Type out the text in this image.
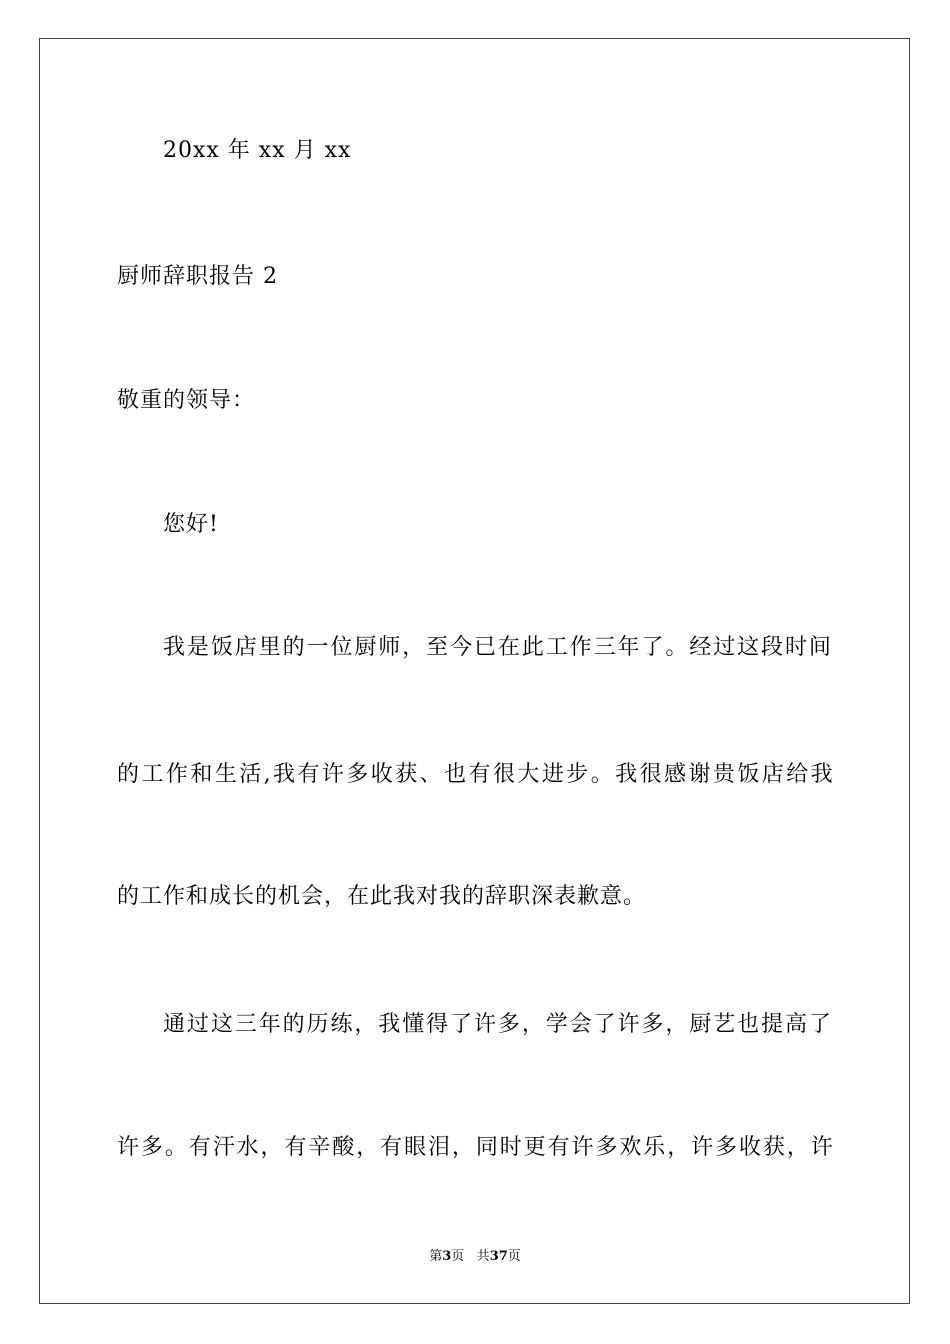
20xx 年 xx 月 xx
厨师辞职报告 2
敬重的领导：
您好!
我 是 饭 店 里 的 一 位 厨 师 ， 至 今 已 在 此 工 作 三 年 了 。 经 过 这 段 时 间
的 工 作 和 生 活 , 我 有 许 多 收 获 、 也 有 很 大 进 步 。 我 很 感 谢 贵 饭 店 给 我
的工作和成长的机会，在此我对我的辞职深表歉意。
通 过 这 三 年 的 历 练 ， 我 懂 得 了 许 多 ， 学 会 了 许 多 ， 厨 艺 也 提 高 了
许 多 。 有 汗 水 ， 有 辛 酸 ， 有 眼 泪 ， 同 时 更 有 许 多 欢 乐 ， 许 多 收 获 ， 许
第3页 共37页
